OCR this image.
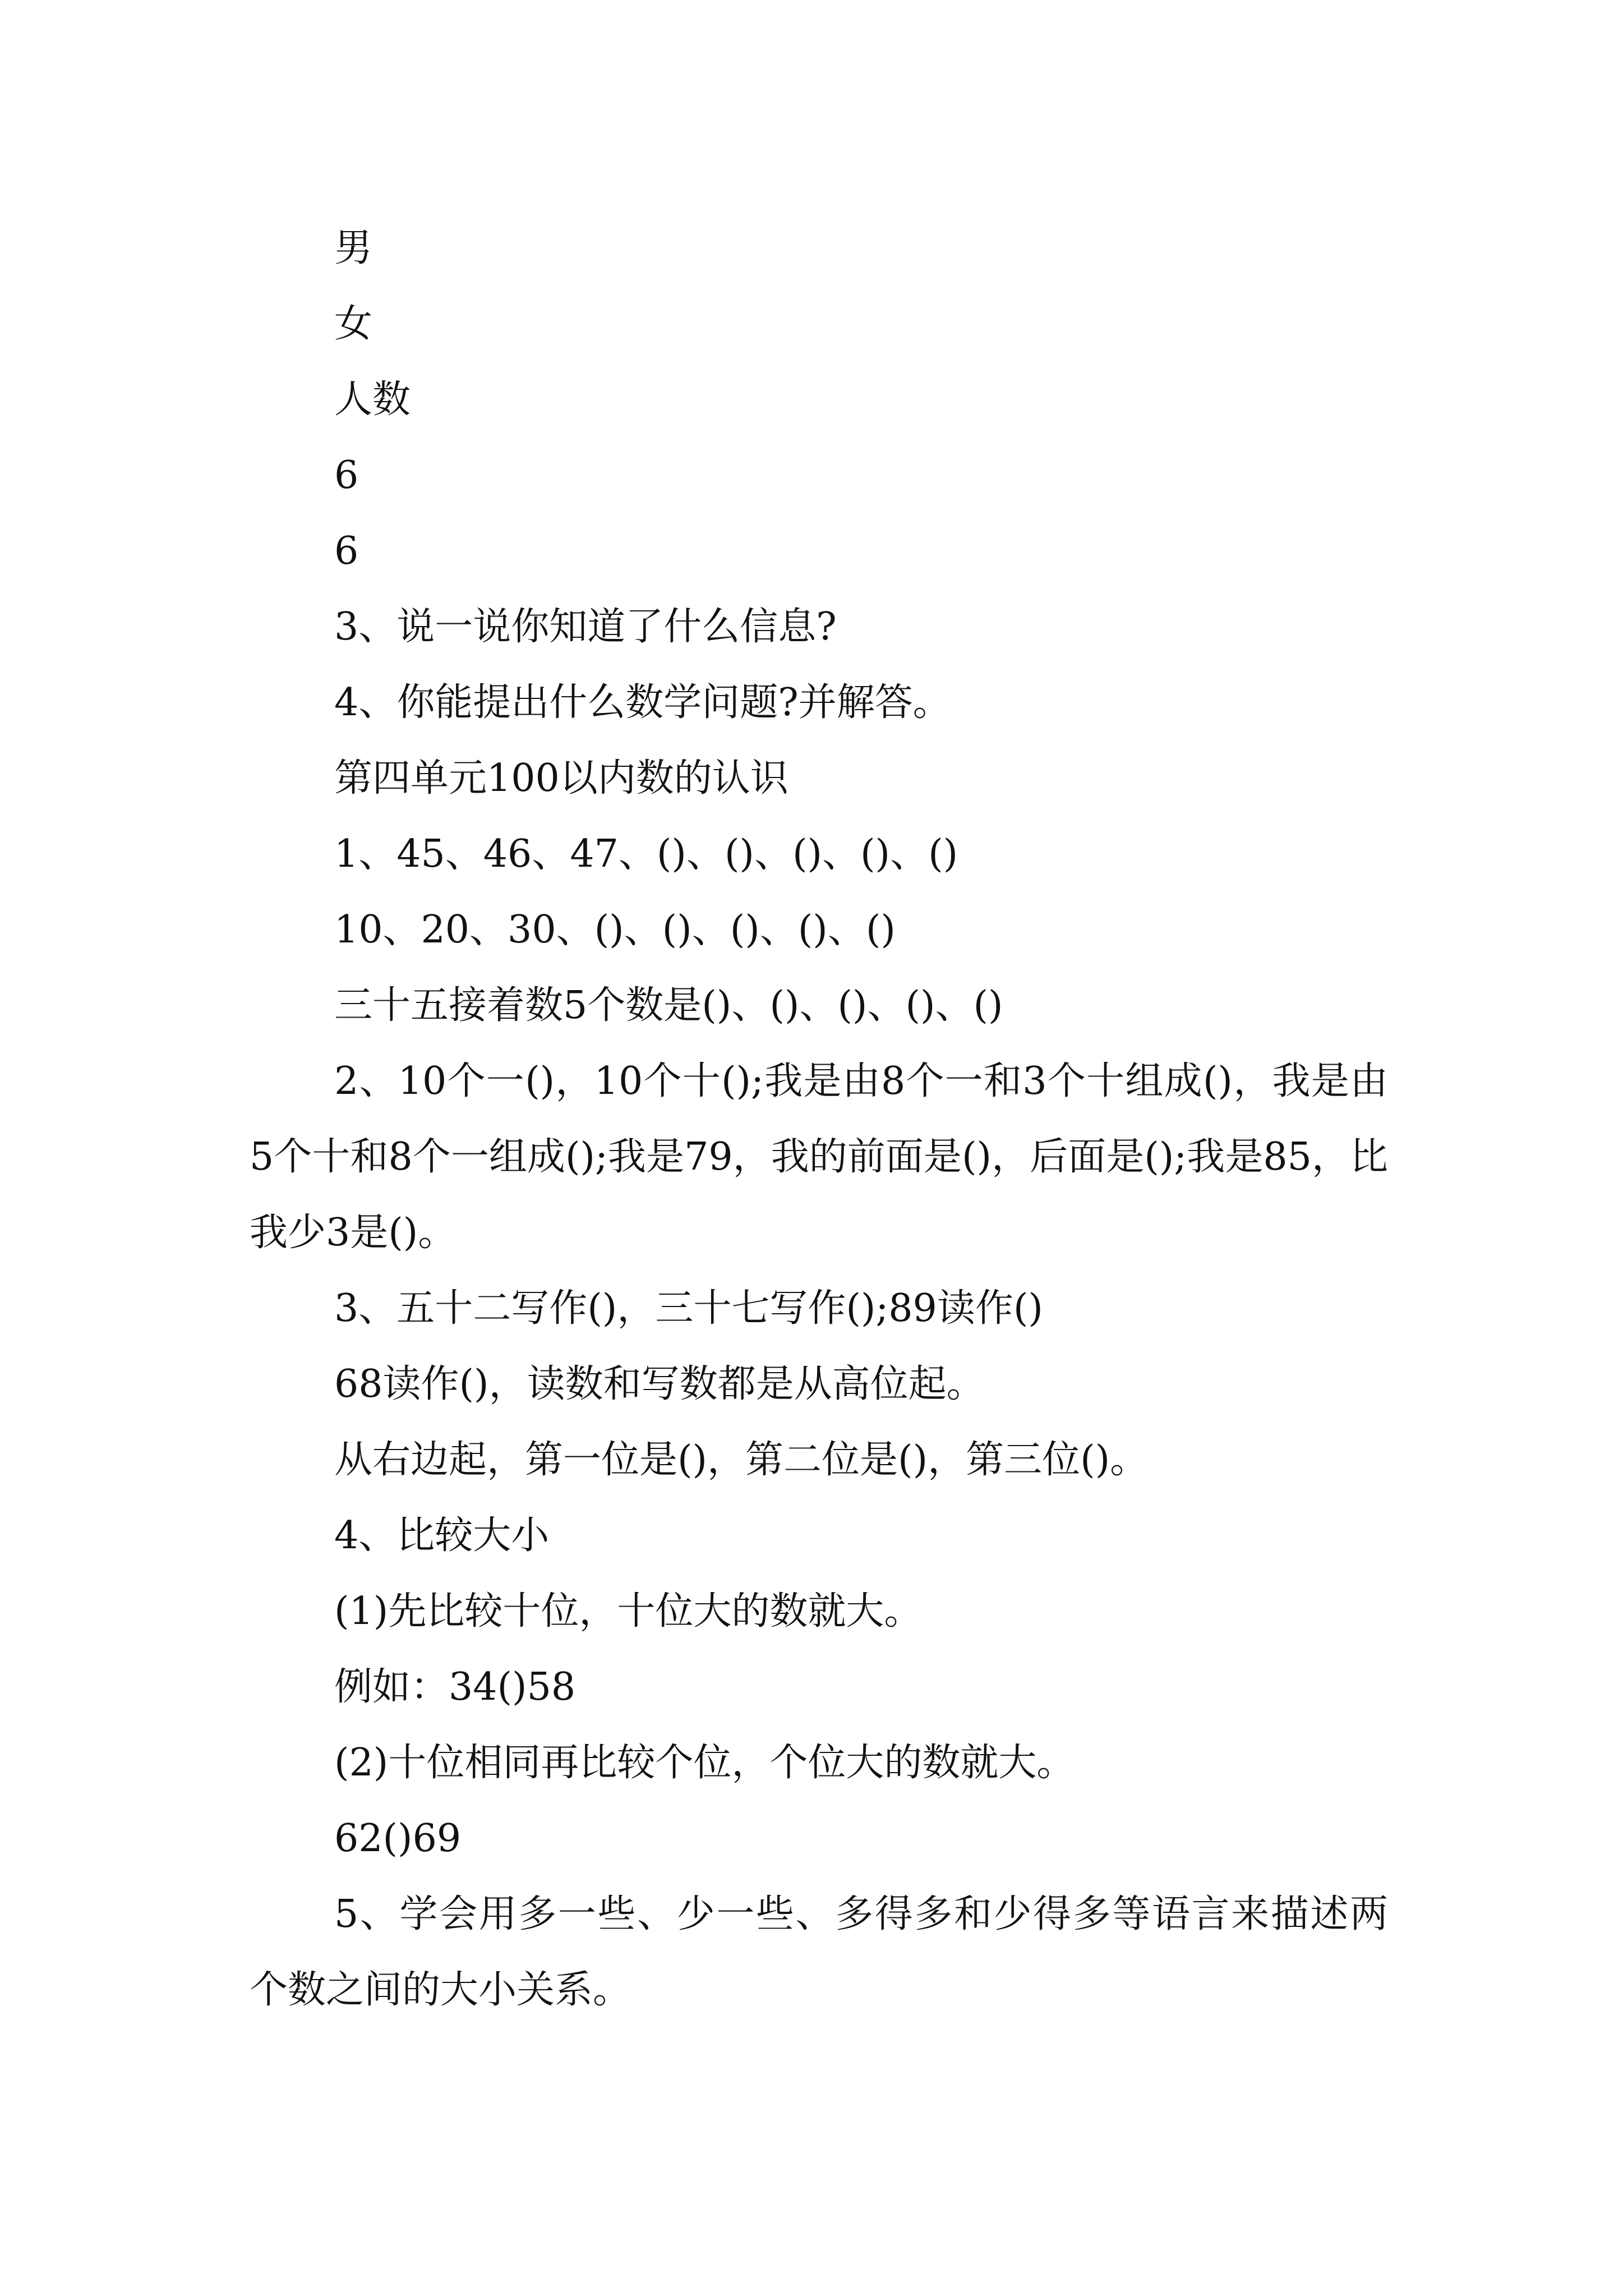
男

女

人数

6

6

3、说一说你知道了什么信息?

4、你能提出什么数学问题?并解答。

第四单元100以内数的认识

1、45、46、47、()、()、()、()、()

10、20、30、()、()、()、()、()

三十五接着数5个数是()、()、()、()、()

2、10个一()，10个十();我是由8个一和3个十组成()，我是由5个十和8个一组成();我是79，我的前面是()，后面是();我是85，比我少3是()。

3、五十二写作()，三十七写作();89读作()

68读作()，读数和写数都是从高位起。

从右边起，第一位是()，第二位是()，第三位()。

4、比较大小

(1)先比较十位，十位大的数就大。

例如：34()58

(2)十位相同再比较个位，个位大的数就大。

62()69

5、学会用多一些、少一些、多得多和少得多等语言来描述两个数之间的大小关系。
